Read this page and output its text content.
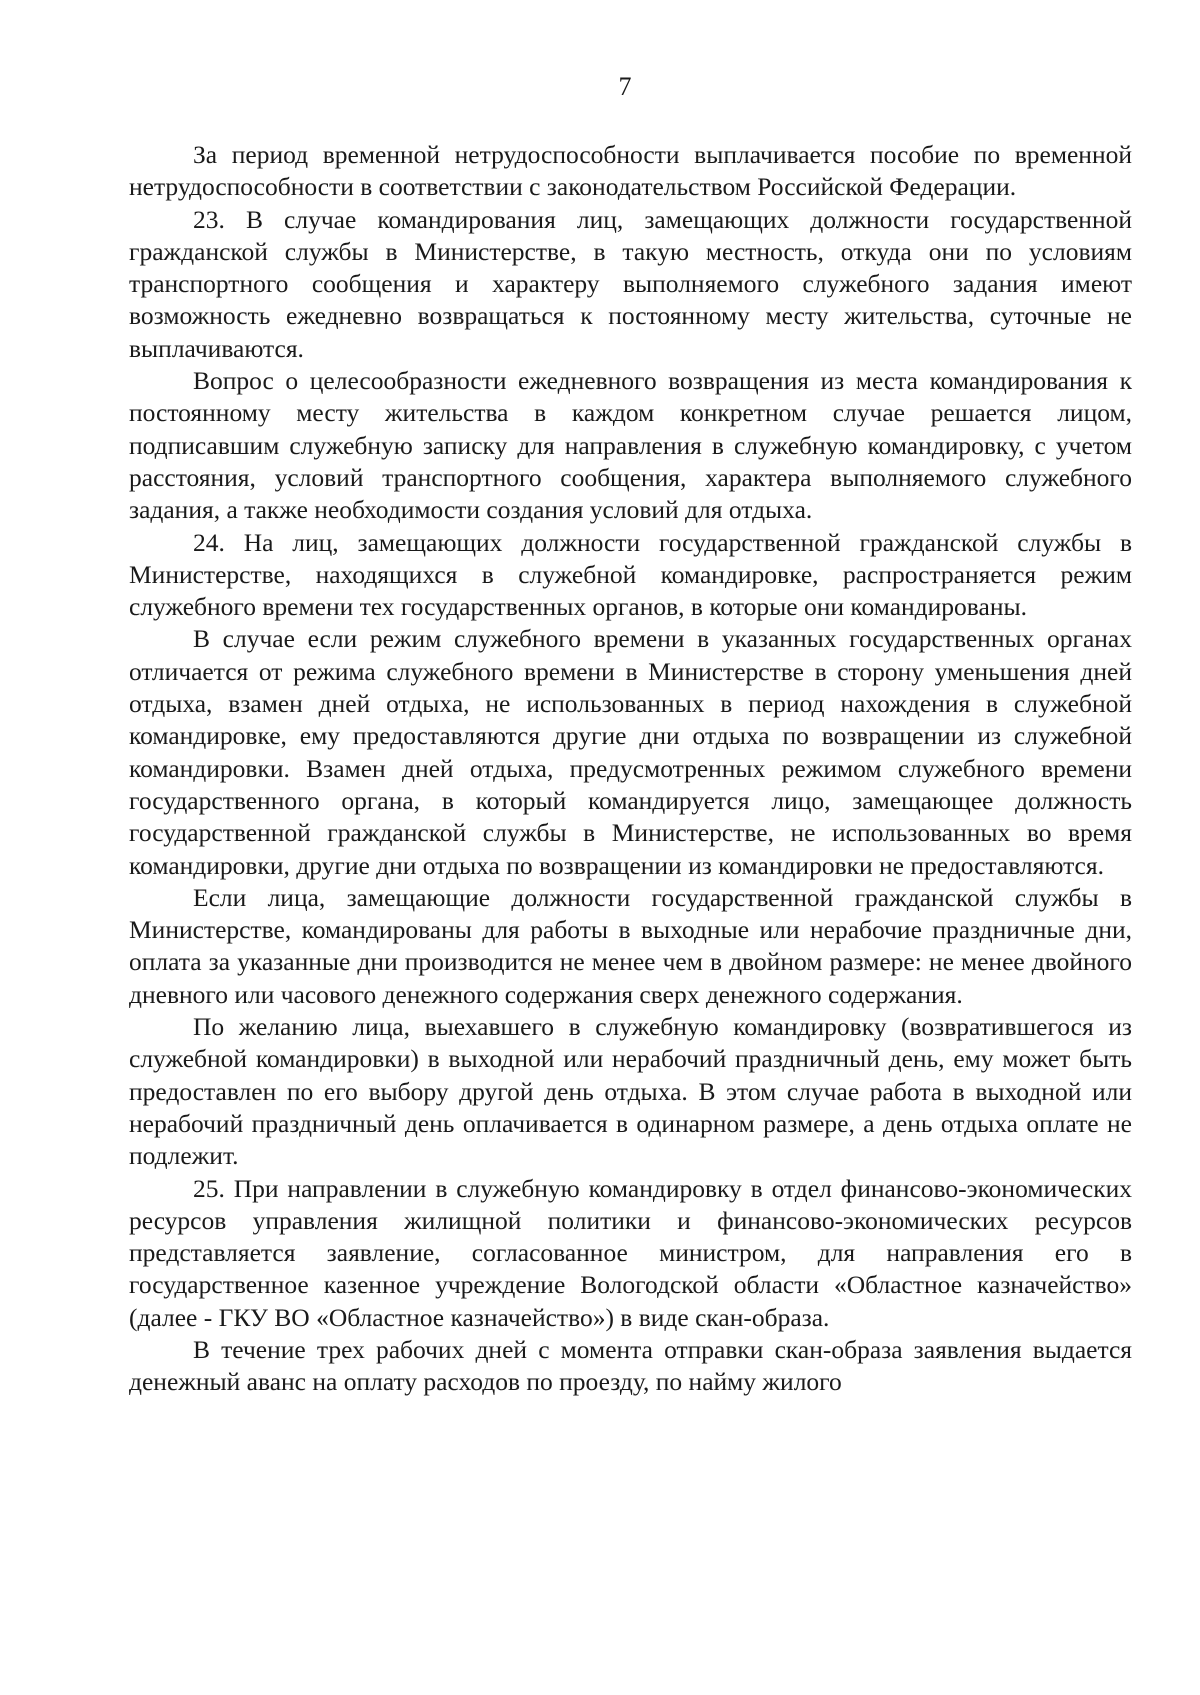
7

За период временной нетрудоспособности выплачивается пособие по временной нетрудоспособности в соответствии с законодательством Российской Федерации.

23. В случае командирования лиц, замещающих должности государственной гражданской службы в Министерстве, в такую местность, откуда они по условиям транспортного сообщения и характеру выполняемого служебного задания имеют возможность ежедневно возвращаться к постоянному месту жительства, суточные не выплачиваются.

Вопрос о целесообразности ежедневного возвращения из места командирования к постоянному месту жительства в каждом конкретном случае решается лицом, подписавшим служебную записку для направления в служебную командировку, с учетом расстояния, условий транспортного сообщения, характера выполняемого служебного задания, а также необходимости создания условий для отдыха.

24. На лиц, замещающих должности государственной гражданской службы в Министерстве, находящихся в служебной командировке, распространяется режим служебного времени тех государственных органов, в которые они командированы.

В случае если режим служебного времени в указанных государственных органах отличается от режима служебного времени в Министерстве в сторону уменьшения дней отдыха, взамен дней отдыха, не использованных в период нахождения в служебной командировке, ему предоставляются другие дни отдыха по возвращении из служебной командировки. Взамен дней отдыха, предусмотренных режимом служебного времени государственного органа, в который командируется лицо, замещающее должность государственной гражданской службы в Министерстве, не использованных во время командировки, другие дни отдыха по возвращении из командировки не предоставляются.

Если лица, замещающие должности государственной гражданской службы в Министерстве, командированы для работы в выходные или нерабочие праздничные дни, оплата за указанные дни производится не менее чем в двойном размере: не менее двойного дневного или часового денежного содержания сверх денежного содержания.

По желанию лица, выехавшего в служебную командировку (возвратившегося из служебной командировки) в выходной или нерабочий праздничный день, ему может быть предоставлен по его выбору другой день отдыха. В этом случае работа в выходной или нерабочий праздничный день оплачивается в одинарном размере, а день отдыха оплате не подлежит.

25. При направлении в служебную командировку в отдел финансово-экономических ресурсов управления жилищной политики и финансово-экономических ресурсов представляется заявление, согласованное министром, для направления его в государственное казенное учреждение Вологодской области «Областное казначейство» (далее - ГКУ ВО «Областное казначейство») в виде скан-образа.

В течение трех рабочих дней с момента отправки скан-образа заявления выдается денежный аванс на оплату расходов по проезду, по найму жилого
